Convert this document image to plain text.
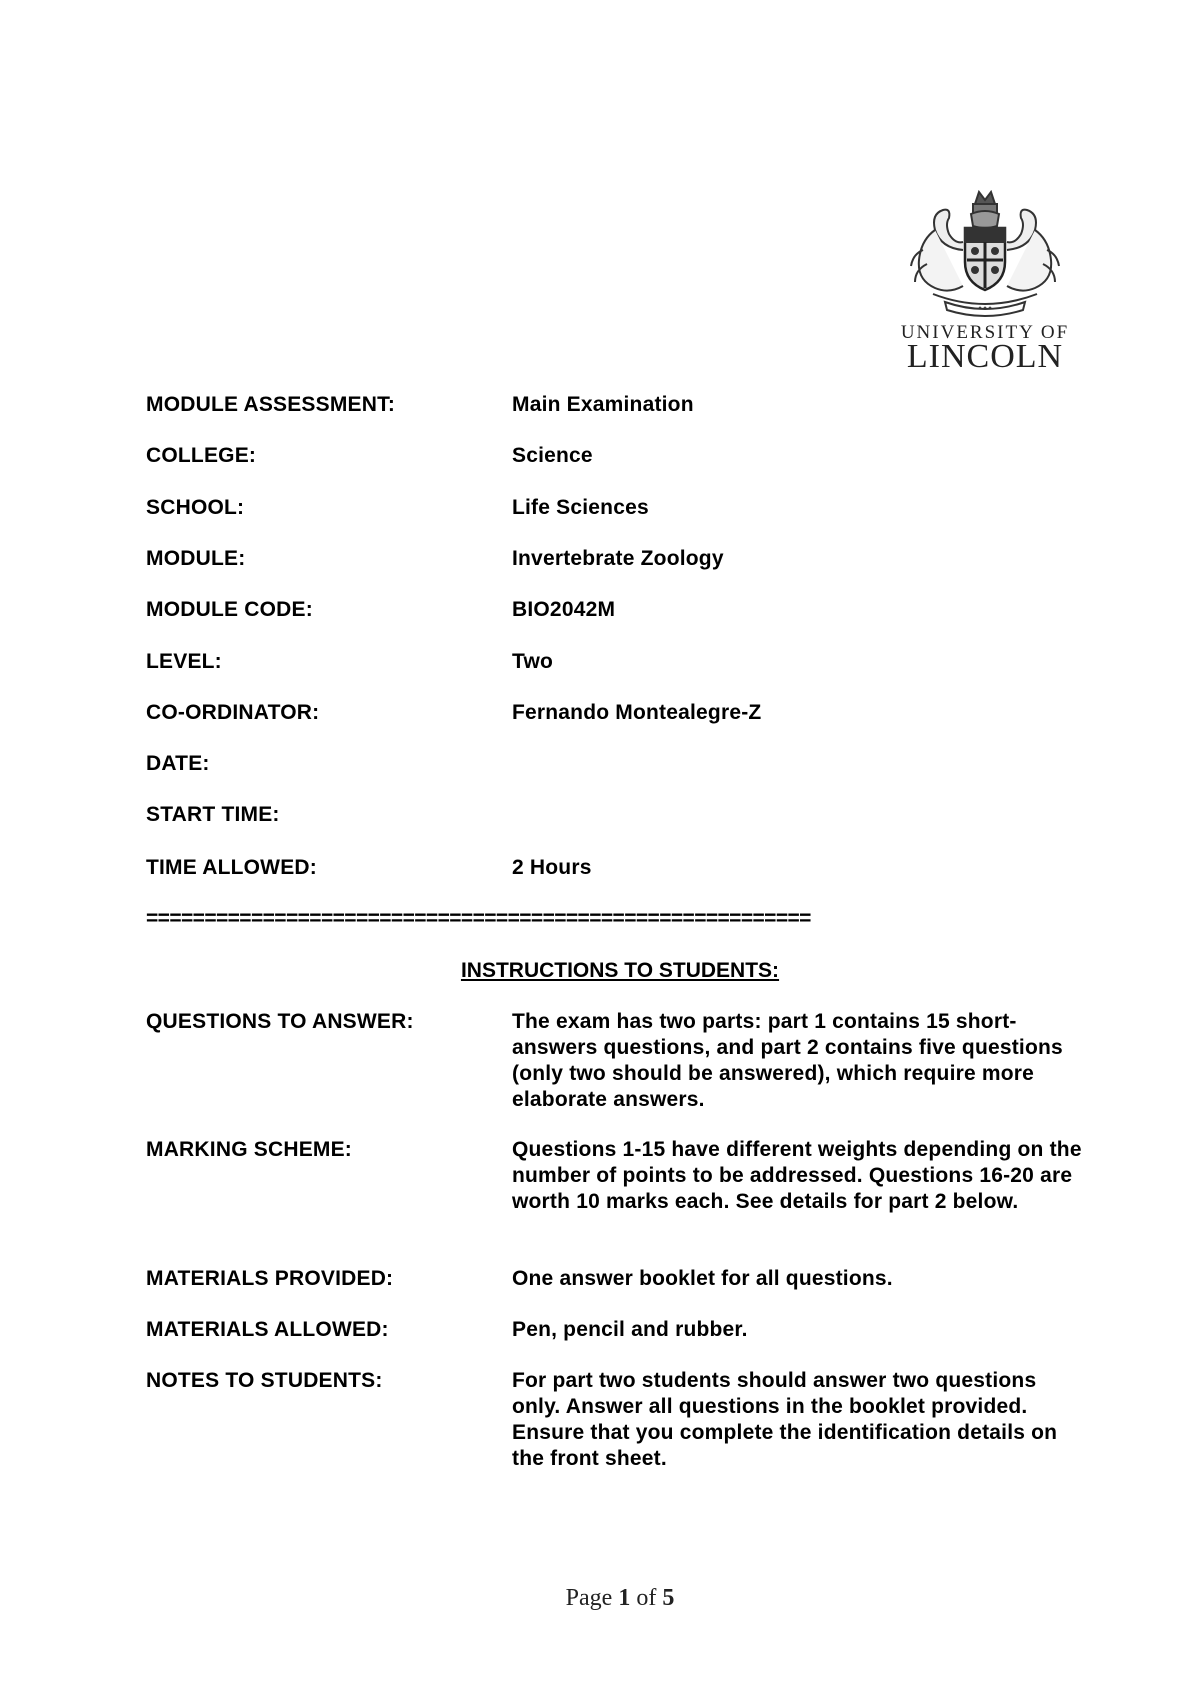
✦✦✦
UNIVERSITY OF
LINCOLN
MODULE ASSESSMENT:	Main Examination
COLLEGE:	Science
SCHOOL:	Life Sciences
MODULE:	Invertebrate Zoology
MODULE CODE:	BIO2042M
LEVEL:	Two
CO-ORDINATOR:	Fernando Montealegre-Z
DATE:
START TIME:
TIME ALLOWED:	2 Hours
=========================================================
INSTRUCTIONS TO STUDENTS:
QUESTIONS TO ANSWER:	The exam has two parts: part 1 contains 15 short-answers questions, and part 2 contains five questions (only two should be answered), which require more elaborate answers.
MARKING SCHEME:	Questions 1-15 have different weights depending on the number of points to be addressed. Questions 16-20 are worth 10 marks each. See details for part 2 below.
MATERIALS PROVIDED:	One answer booklet for all questions.
MATERIALS ALLOWED:	Pen, pencil and rubber.
NOTES TO STUDENTS:	For part two students should answer two questions only. Answer all questions in the booklet provided. Ensure that you complete the identification details on the front sheet.
Page 1 of 5
